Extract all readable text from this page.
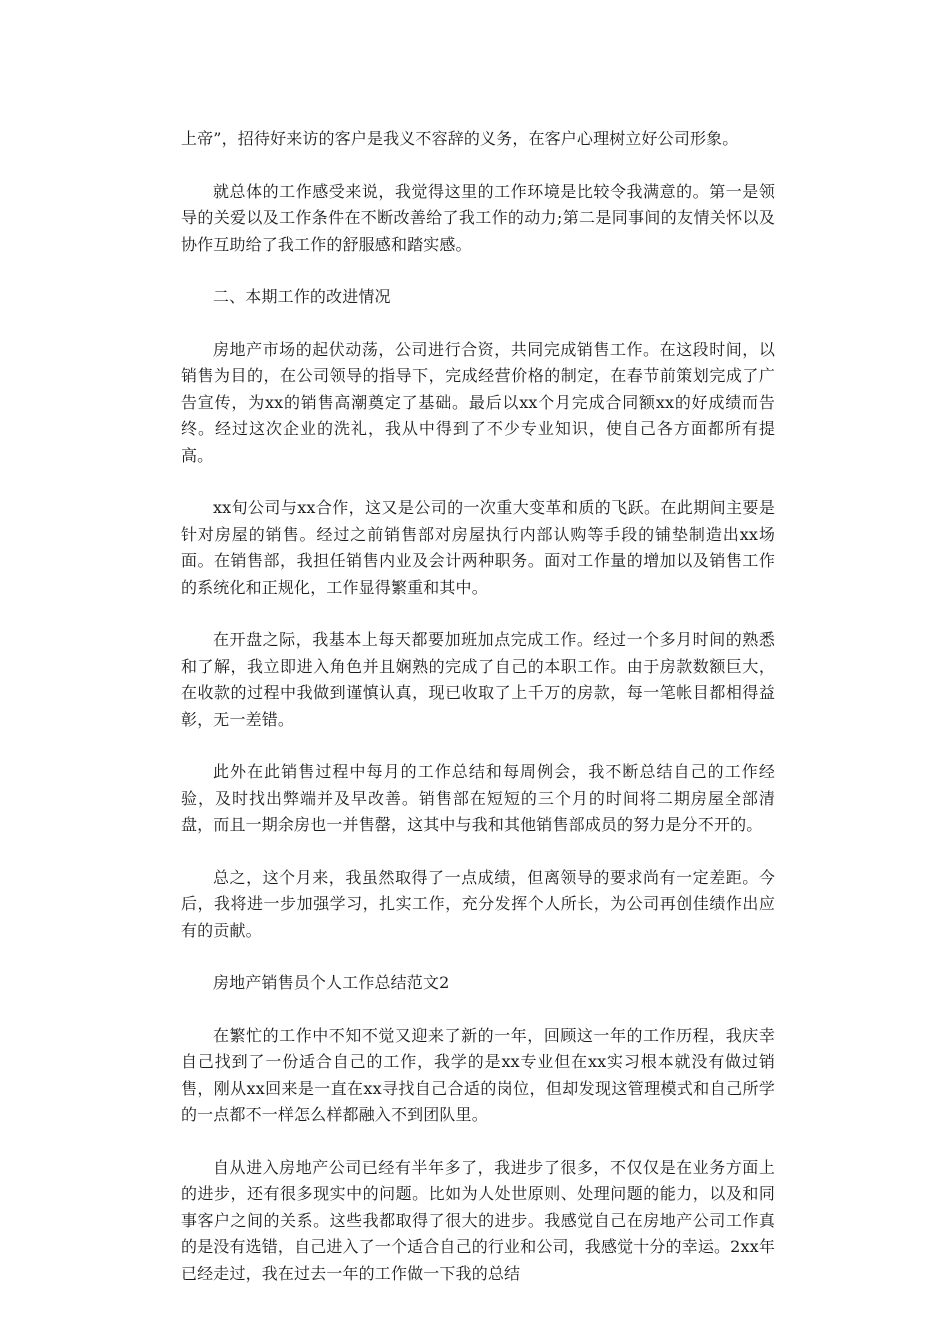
上帝”，招待好来访的客户是我义不容辞的义务，在客户心理树立好公司形象。

就总体的工作感受来说，我觉得这里的工作环境是比较令我满意的。第一是领导的关爱以及工作条件在不断改善给了我工作的动力;第二是同事间的友情关怀以及协作互助给了我工作的舒服感和踏实感。

二、本期工作的改进情况

房地产市场的起伏动荡，公司进行合资，共同完成销售工作。在这段时间，以销售为目的，在公司领导的指导下，完成经营价格的制定，在春节前策划完成了广告宣传，为xx的销售高潮奠定了基础。最后以xx个月完成合同额xx的好成绩而告终。经过这次企业的洗礼，我从中得到了不少专业知识，使自己各方面都所有提高。

xx旬公司与xx合作，这又是公司的一次重大变革和质的飞跃。在此期间主要是针对房屋的销售。经过之前销售部对房屋执行内部认购等手段的铺垫制造出xx场面。在销售部，我担任销售内业及会计两种职务。面对工作量的增加以及销售工作的系统化和正规化，工作显得繁重和其中。

在开盘之际，我基本上每天都要加班加点完成工作。经过一个多月时间的熟悉和了解，我立即进入角色并且娴熟的完成了自己的本职工作。由于房款数额巨大，在收款的过程中我做到谨慎认真，现已收取了上千万的房款，每一笔帐目都相得益彰，无一差错。

此外在此销售过程中每月的工作总结和每周例会，我不断总结自己的工作经验，及时找出弊端并及早改善。销售部在短短的三个月的时间将二期房屋全部清盘，而且一期余房也一并售罄，这其中与我和其他销售部成员的努力是分不开的。

总之，这个月来，我虽然取得了一点成绩，但离领导的要求尚有一定差距。今后，我将进一步加强学习，扎实工作，充分发挥个人所长，为公司再创佳绩作出应有的贡献。

房地产销售员个人工作总结范文2

在繁忙的工作中不知不觉又迎来了新的一年，回顾这一年的工作历程，我庆幸自己找到了一份适合自己的工作，我学的是xx专业但在xx实习根本就没有做过销售，刚从xx回来是一直在xx寻找自己合适的岗位，但却发现这管理模式和自己所学的一点都不一样怎么样都融入不到团队里。

自从进入房地产公司已经有半年多了，我进步了很多，不仅仅是在业务方面上的进步，还有很多现实中的问题。比如为人处世原则、处理问题的能力，以及和同事客户之间的关系。这些我都取得了很大的进步。我感觉自己在房地产公司工作真的是没有选错，自己进入了一个适合自己的行业和公司，我感觉十分的幸运。2xx年已经走过，我在过去一年的工作做一下我的总结
